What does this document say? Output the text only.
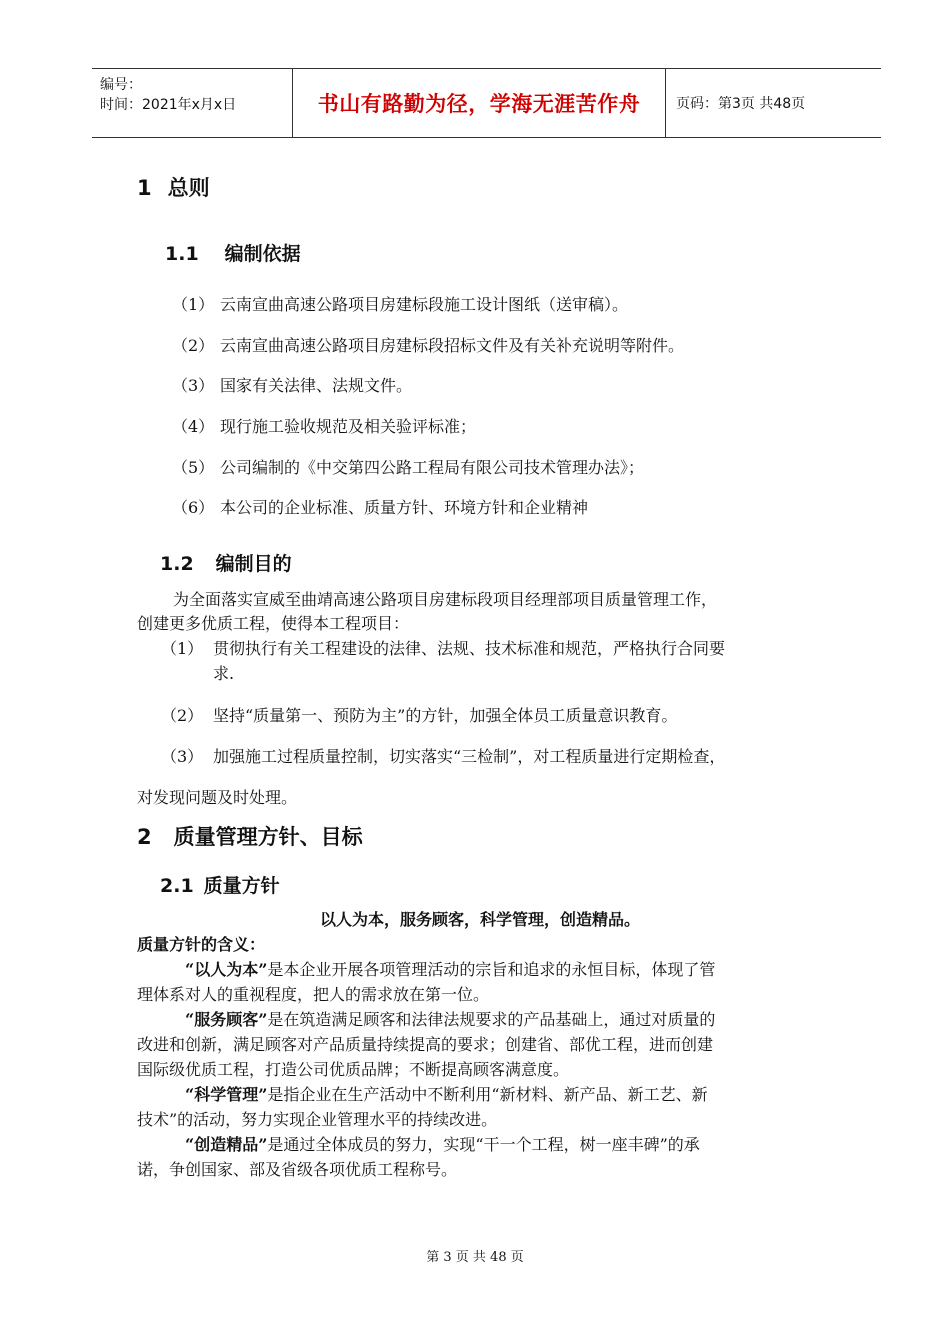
编号：
时间：2021年x月x日	书山有路勤为径，学海无涯苦作舟	页码：第3页 共48页
1 总则
1.1 编制依据
（1） 云南宣曲高速公路项目房建标段施工设计图纸（送审稿）。
（2） 云南宣曲高速公路项目房建标段招标文件及有关补充说明等附件。
（3） 国家有关法律、法规文件。
（4） 现行施工验收规范及相关验评标准；
（5） 公司编制的《中交第四公路工程局有限公司技术管理办法》；
（6） 本公司的企业标准、质量方针、环境方针和企业精神
1.2 编制目的
为全面落实宣威至曲靖高速公路项目房建标段项目经理部项目质量管理工作，
创建更多优质工程，使得本工程项目：
（1） 贯彻执行有关工程建设的法律、法规、技术标准和规范，严格执行合同要
求.
（2） 坚持“质量第一、预防为主”的方针，加强全体员工质量意识教育。
（3） 加强施工过程质量控制，切实落实“三检制”，对工程质量进行定期检查，
对发现问题及时处理。
2 质量管理方针、目标
2.1 质量方针
以人为本，服务顾客，科学管理，创造精品。
质量方针的含义：
“以人为本”是本企业开展各项管理活动的宗旨和追求的永恒目标，体现了管
理体系对人的重视程度，把人的需求放在第一位。
“服务顾客”是在筑造满足顾客和法律法规要求的产品基础上，通过对质量的
改进和创新，满足顾客对产品质量持续提高的要求；创建省、部优工程，进而创建
国际级优质工程，打造公司优质品牌；不断提高顾客满意度。
“科学管理”是指企业在生产活动中不断利用“新材料、新产品、新工艺、新
技术”的活动，努力实现企业管理水平的持续改进。
“创造精品”是通过全体成员的努力，实现“干一个工程，树一座丰碑”的承
诺，争创国家、部及省级各项优质工程称号。
第 3 页 共 48 页
